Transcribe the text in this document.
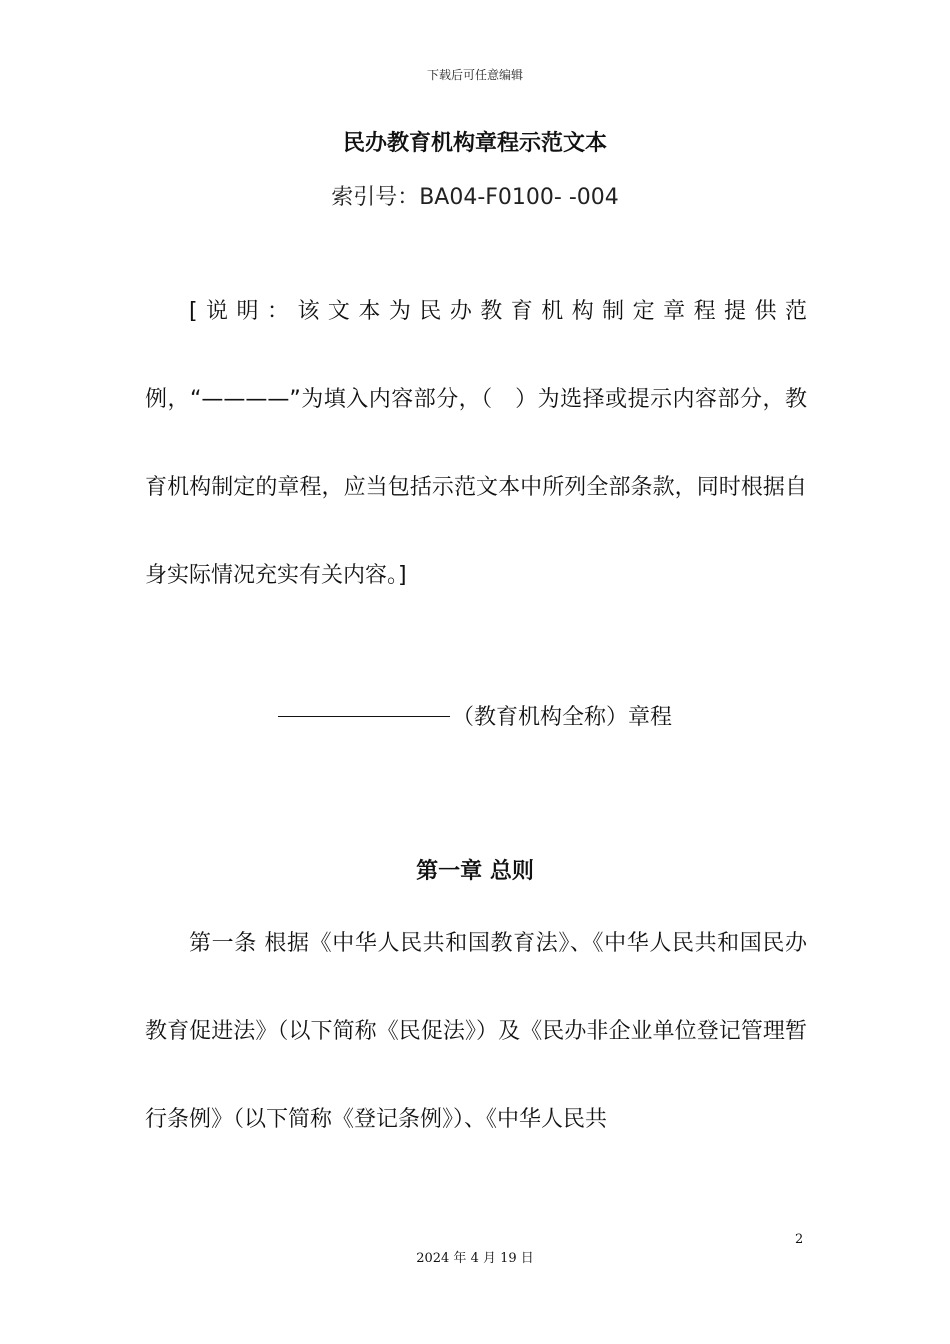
下载后可任意编辑
民办教育机构章程示范文本
索引号：BA04-F0100- -004

[说明：该文本为民办教育机构制定章程提供范例，“————”为填入内容部分，（　）为选择或提示内容部分，教育机构制定的章程，应当包括示范文本中所列全部条款，同时根据自身实际情况充实有关内容。]

（教育机构全称）章程
第一章 总则

第一条 根据《中华人民共和国教育法》、《中华人民共和国民办教育促进法》（以下简称《民促法》）及《民办非企业单位登记管理暂行条例》（以下简称《登记条例》）、《中华人民共

2
2024 年 4 月 19 日
